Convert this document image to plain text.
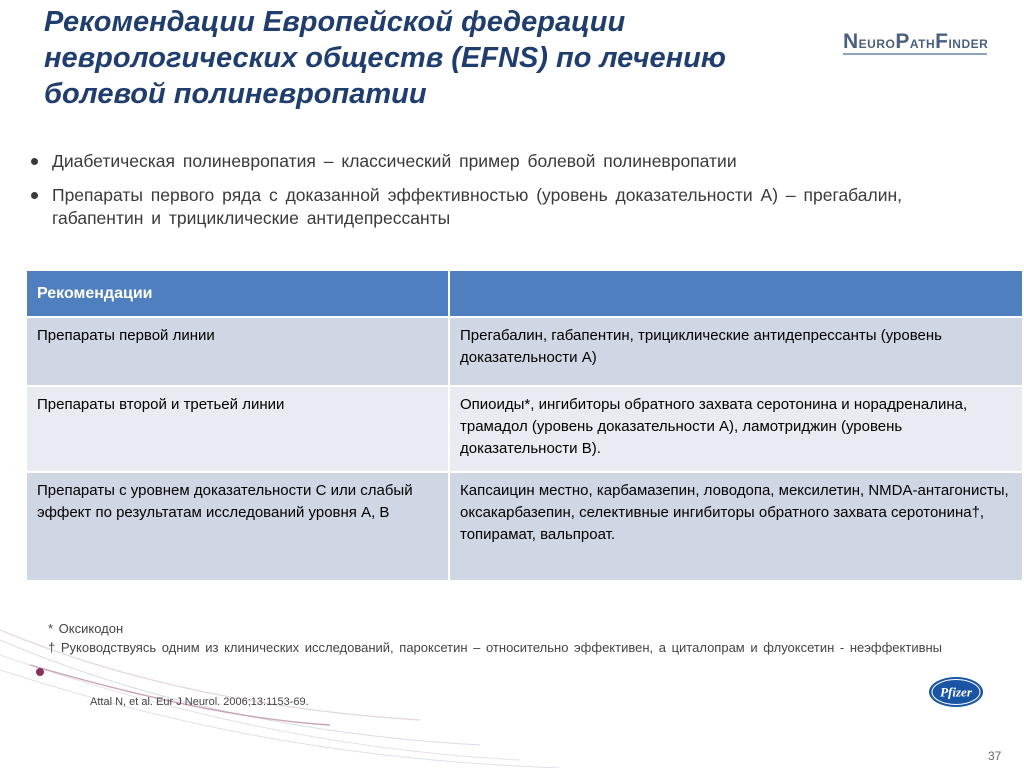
Рекомендации Европейской федерации неврологических обществ (EFNS) по лечению болевой полиневропатии
NeuroPathFinder
Диабетическая полиневропатия – классический пример болевой полиневропатии
Препараты первого ряда с доказанной эффективностью (уровень доказательности А) – прегабалин, габапентин и трициклические антидепрессанты
Рекомендации	
Препараты первой линии	Прегабалин, габапентин, трициклические антидепрессанты (уровень доказательности А)
Препараты второй и третьей линии	Опиоиды*, ингибиторы обратного захвата серотонина и норадреналина, трамадол (уровень доказательности А), ламотриджин (уровень доказательности В).
Препараты с уровнем доказательности С или слабый эффект по результатам исследований уровня А, В	Капсаицин местно, карбамазепин, ловодопа, мексилетин, NMDA-антагонисты, оксакарбазепин, селективные ингибиторы обратного захвата серотонина†, топирамат, вальпроат.

* Оксикодон

† Руководствуясь одним из клинических исследований, пароксетин – относительно эффективен, а циталопрам и флуоксетин - неэффективны

Attal N, et al. Eur J Neurol. 2006;13:1153-69.
Pfizer
37
